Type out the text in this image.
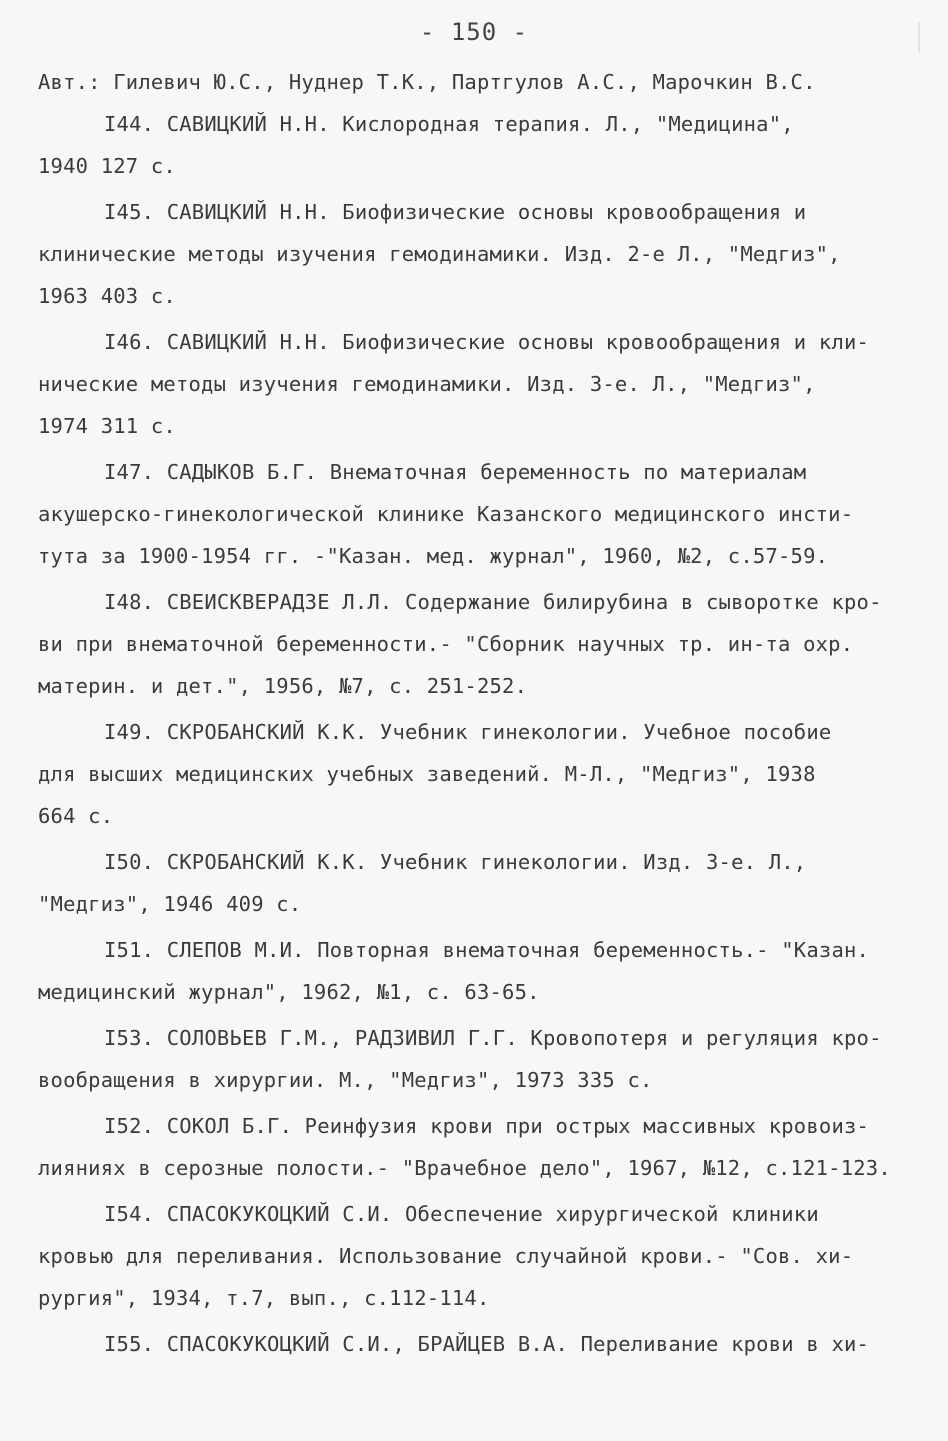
- 150 -
Авт.: Гилевич Ю.С., Нуднер Т.К., Партгулов А.С., Марочкин В.С.
I44. САВИЦКИЙ Н.Н. Кислородная терапия. Л., "Медицина",
1940 127 с.
I45. САВИЦКИЙ Н.Н. Биофизические основы кровообращения и
клинические методы изучения гемодинамики. Изд. 2-е Л., "Медгиз",
1963 403 с.
I46. САВИЦКИЙ Н.Н. Биофизические основы кровообращения и кли-
нические методы изучения гемодинамики. Изд. 3-е. Л., "Медгиз",
1974 311 с.
I47. САДЫКОВ Б.Г. Внематочная беременность по материалам
акушерско-гинекологической клинике Казанского медицинского инсти-
тута за 1900-1954 гг. -"Казан. мед. журнал", 1960, №2, с.57-59.
I48. СВЕИСКВЕРАДЗЕ Л.Л. Содержание билирубина в сыворотке кро-
ви при внематочной беременности.- "Сборник научных тр. ин-та охр.
материн. и дет.", 1956, №7, с. 251-252.
I49. СКРОБАНСКИЙ К.К. Учебник гинекологии. Учебное пособие
для высших медицинских учебных заведений. М-Л., "Медгиз", 1938
664 с.
I50. СКРОБАНСКИЙ К.К. Учебник гинекологии. Изд. 3-е. Л.,
"Медгиз", 1946 409 с.
I51. СЛЕПОВ М.И. Повторная внематочная беременность.- "Казан.
медицинский журнал", 1962, №1, с. 63-65.
I53. СОЛОВЬЕВ Г.М., РАДЗИВИЛ Г.Г. Кровопотеря и регуляция кро-
вообращения в хирургии. М., "Медгиз", 1973 335 с.
I52. СОКОЛ Б.Г. Реинфузия крови при острых массивных кровоиз-
лияниях в серозные полости.- "Врачебное дело", 1967, №12, с.121-123.
I54. СПАСОКУКОЦКИЙ С.И. Обеспечение хирургической клиники
кровью для переливания. Использование случайной крови.- "Сов. хи-
рургия", 1934, т.7, вып., с.112-114.
I55. СПАСОКУКОЦКИЙ С.И., БРАЙЦЕВ В.А. Переливание крови в хи-
